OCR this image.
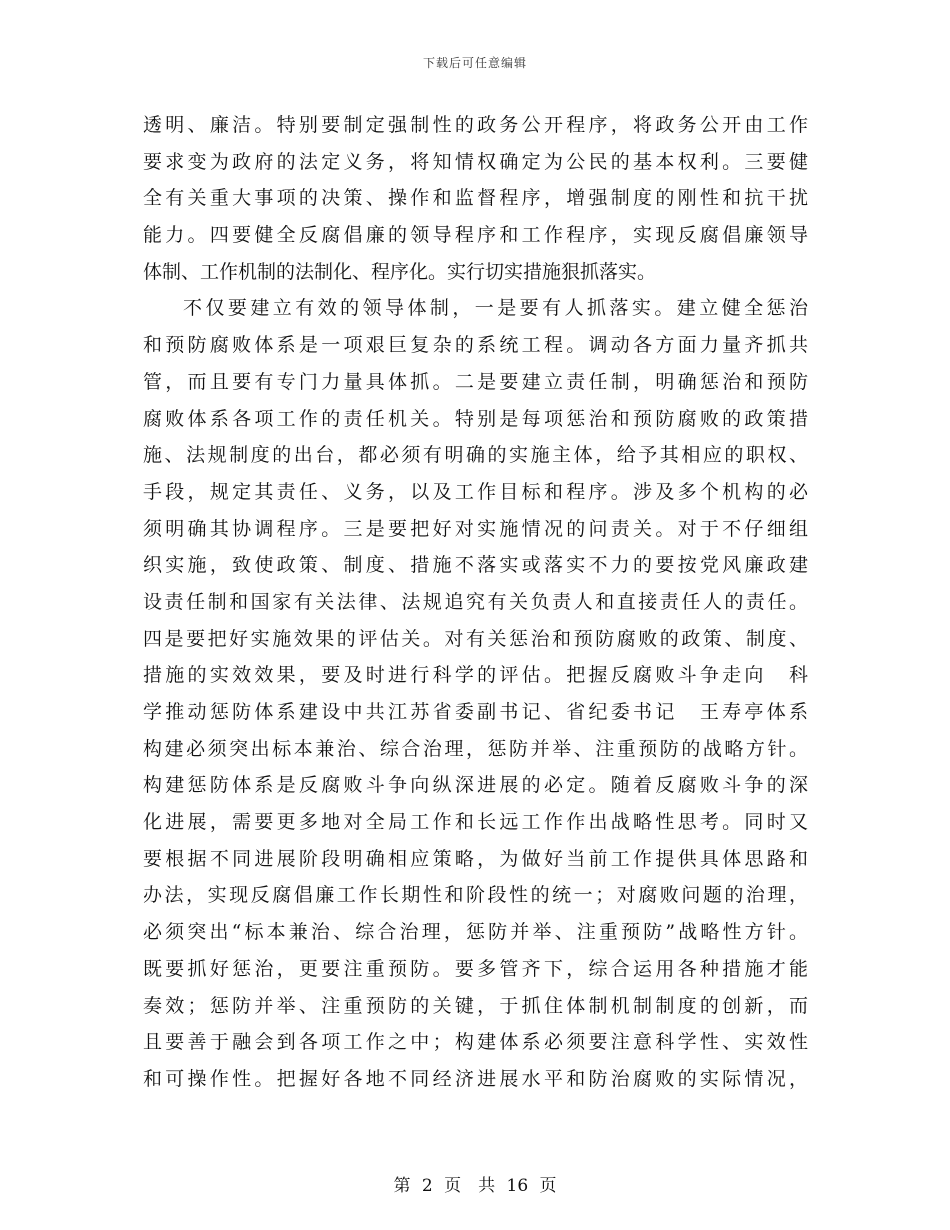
下载后可任意编辑
透明、廉洁。特别要制定强制性的政务公开程序，将政务公开由工作
要求变为政府的法定义务，将知情权确定为公民的基本权利。三要健
全有关重大事项的决策、操作和监督程序，增强制度的刚性和抗干扰
能力。四要健全反腐倡廉的领导程序和工作程序，实现反腐倡廉领导
体制、工作机制的法制化、程序化。实行切实措施狠抓落实。
不仅要建立有效的领导体制，一是要有人抓落实。建立健全惩治
和预防腐败体系是一项艰巨复杂的系统工程。调动各方面力量齐抓共
管，而且要有专门力量具体抓。二是要建立责任制，明确惩治和预防
腐败体系各项工作的责任机关。特别是每项惩治和预防腐败的政策措
施、法规制度的出台，都必须有明确的实施主体，给予其相应的职权、
手段，规定其责任、义务，以及工作目标和程序。涉及多个机构的必
须明确其协调程序。三是要把好对实施情况的问责关。对于不仔细组
织实施，致使政策、制度、措施不落实或落实不力的要按党风廉政建
设责任制和国家有关法律、法规追究有关负责人和直接责任人的责任。
四是要把好实施效果的评估关。对有关惩治和预防腐败的政策、制度、
措施的实效效果，要及时进行科学的评估。把握反腐败斗争走向　科
学推动惩防体系建设中共江苏省委副书记、省纪委书记　王寿亭体系
构建必须突出标本兼治、综合治理，惩防并举、注重预防的战略方针。
构建惩防体系是反腐败斗争向纵深进展的必定。随着反腐败斗争的深
化进展，需要更多地对全局工作和长远工作作出战略性思考。同时又
要根据不同进展阶段明确相应策略，为做好当前工作提供具体思路和
办法，实现反腐倡廉工作长期性和阶段性的统一；对腐败问题的治理，
必须突出“标本兼治、综合治理，惩防并举、注重预防”战略性方针。
既要抓好惩治，更要注重预防。要多管齐下，综合运用各种措施才能
奏效；惩防并举、注重预防的关键，于抓住体制机制制度的创新，而
且要善于融会到各项工作之中；构建体系必须要注意科学性、实效性
和可操作性。把握好各地不同经济进展水平和防治腐败的实际情况，
第 2 页　共 16 页
